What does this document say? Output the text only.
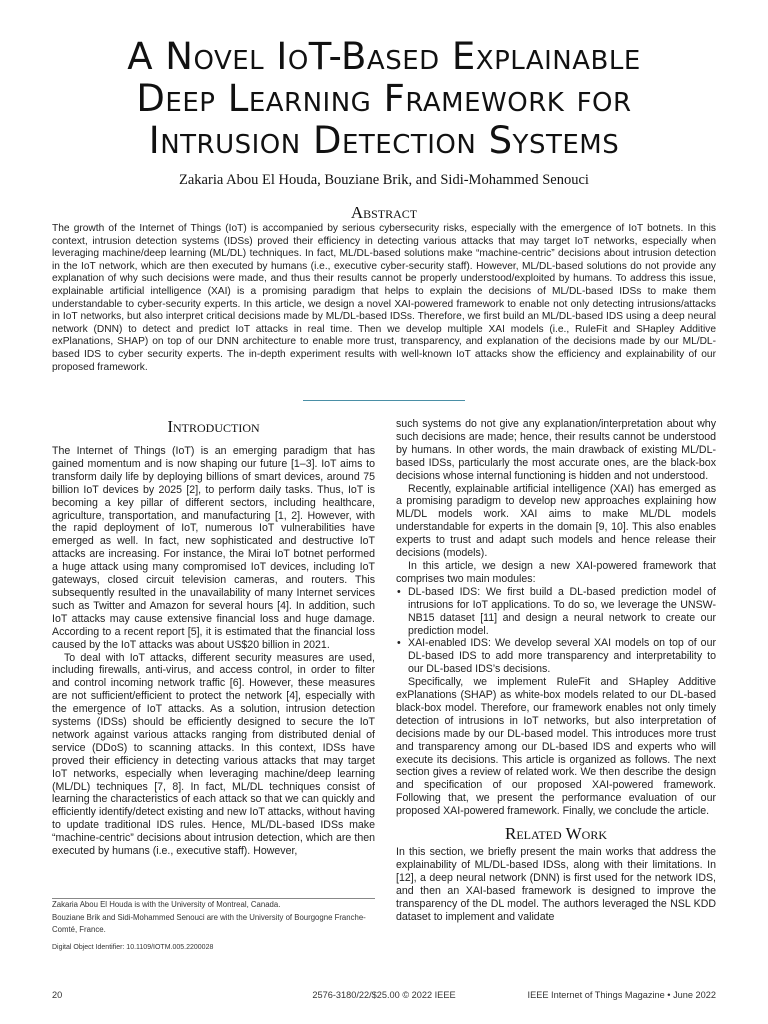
A Novel IoT-Based Explainable
Deep Learning Framework for
Intrusion Detection Systems
Zakaria Abou El Houda, Bouziane Brik, and Sidi-Mohammed Senouci
Abstract
The growth of the Internet of Things (IoT) is accompanied by serious cybersecurity risks, especially with the emergence of IoT botnets. In this context, intrusion detection systems (IDSs) proved their efficiency in detecting various attacks that may target IoT networks, especially when leveraging machine/deep learning (ML/DL) techniques. In fact, ML/DL-based solutions make “machine-centric” decisions about intrusion detection in the IoT network, which are then executed by humans (i.e., executive cyber-security staff). However, ML/DL-based solutions do not provide any explanation of why such decisions were made, and thus their results cannot be properly understood/exploited by humans. To address this issue, explainable artificial intelligence (XAI) is a promising paradigm that helps to explain the decisions of ML/DL-based IDSs to make them understandable to cyber-security experts. In this article, we design a novel XAI-powered framework to enable not only detecting intrusions/attacks in IoT networks, but also interpret critical decisions made by ML/DL-based IDSs. Therefore, we first build an ML/DL-based IDS using a deep neural network (DNN) to detect and predict IoT attacks in real time. Then we develop multiple XAI models (i.e., RuleFit and SHapley Additive exPlanations, SHAP) on top of our DNN architecture to enable more trust, transparency, and explanation of the decisions made by our ML/DL-based IDS to cyber security experts. The in-depth experiment results with well-known IoT attacks show the efficiency and explainability of our proposed framework.
Introduction

The Internet of Things (IoT) is an emerging paradigm that has gained momentum and is now shaping our future [1–3]. IoT aims to transform daily life by deploying billions of smart devices, around 75 billion IoT devices by 2025 [2], to perform daily tasks. Thus, IoT is becoming a key pillar of different sectors, including healthcare, agriculture, transportation, and manufacturing [1, 2]. However, with the rapid deployment of IoT, numerous IoT vulnerabilities have emerged as well. In fact, new sophisticated and destructive IoT attacks are increasing. For instance, the Mirai IoT botnet performed a huge attack using many compromised IoT devices, including IoT gateways, closed circuit television cameras, and routers. This subsequently resulted in the unavailability of many Internet services such as Twitter and Amazon for several hours [4]. In addition, such IoT attacks may cause extensive financial loss and huge damage. According to a recent report [5], it is estimated that the financial loss caused by the IoT attacks was about US$20 billion in 2021.

To deal with IoT attacks, different security measures are used, including firewalls, anti-virus, and access control, in order to filter and control incoming network traffic [6]. However, these measures are not sufficient/efficient to protect the network [4], especially with the emergence of IoT attacks. As a solution, intrusion detection systems (IDSs) should be efficiently designed to secure the IoT network against various attacks ranging from distributed denial of service (DDoS) to scanning attacks. In this context, IDSs have proved their efficiency in detecting various attacks that may target IoT networks, especially when leveraging machine/deep learning (ML/DL) techniques [7, 8]. In fact, ML/DL techniques consist of learning the characteristics of each attack so that we can quickly and efficiently identify/detect existing and new IoT attacks, without having to update traditional IDS rules. Hence, ML/DL-based IDSs make “machine-centric” decisions about intrusion detection, which are then executed by humans (i.e., executive staff). However,

such systems do not give any explanation/interpretation about why such decisions are made; hence, their results cannot be understood by humans. In other words, the main drawback of existing ML/DL-based IDSs, particularly the most accurate ones, are the black-box decisions whose internal functioning is hidden and not understood.

Recently, explainable artificial intelligence (XAI) has emerged as a promising paradigm to develop new approaches explaining how ML/DL models work. XAI aims to make ML/DL models understandable for experts in the domain [9, 10]. This also enables experts to trust and adapt such models and hence release their decisions (models).

In this article, we design a new XAI-powered framework that comprises two main modules:

• DL-based IDS: We first build a DL-based prediction model of intrusions for IoT applications. To do so, we leverage the UNSW-NB15 dataset [11] and design a neural network to create our prediction model.
• XAI-enabled IDS: We develop several XAI models on top of our DL-based IDS to add more transparency and interpretability to our DL-based IDS’s decisions.

Specifically, we implement RuleFit and SHapley Additive exPlanations (SHAP) as white-box models related to our DL-based black-box model. Therefore, our framework enables not only timely detection of intrusions in IoT networks, but also interpretation of decisions made by our DL-based model. This introduces more trust and transparency among our DL-based IDS and experts who will execute its decisions. This article is organized as follows. The next section gives a review of related work. We then describe the design and specification of our proposed XAI-powered framework. Following that, we present the performance evaluation of our proposed XAI-powered framework. Finally, we conclude the article.

Related Work

In this section, we briefly present the main works that address the explainability of ML/DL-based IDSs, along with their limitations. In [12], a deep neural network (DNN) is first used for the network IDS, and then an XAI-based framework is designed to improve the transparency of the DL model. The authors leveraged the NSL KDD dataset to implement and validate

Zakaria Abou El Houda is with the University of Montreal, Canada.

Bouziane Brik and Sidi-Mohammed Senouci are with the University of Bourgogne Franche-Comté, France.

Digital Object Identifier: 10.1109/IOTM.005.2200028

20	2576-3180/22/$25.00 © 2022 IEEE	IEEE Internet of Things Magazine • June 2022
